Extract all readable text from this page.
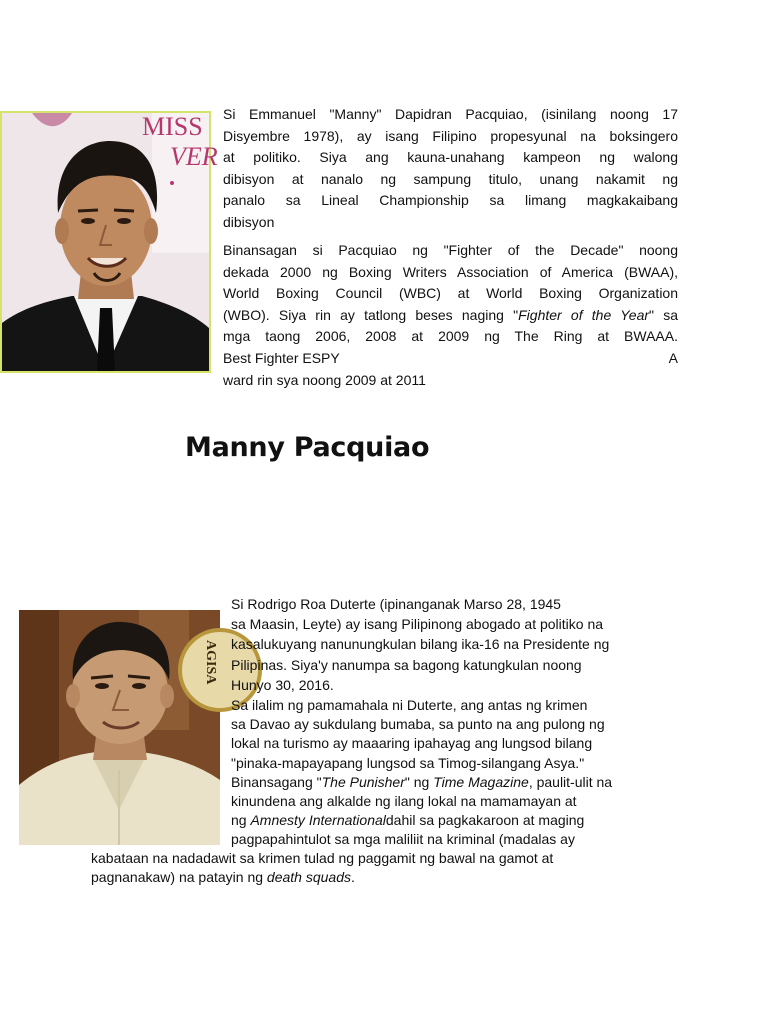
MISS
VER

Si Emmanuel "Manny" Dapidran Pacquiao, (isinilang noong 17
Disyembre 1978), ay isang Filipino propesyunal na boksingero
at politiko. Siya ang kauna-unahang kampeon ng walong
dibisyon at nanalo ng sampung titulo, unang nakamit ng
panalo sa Lineal Championship sa limang magkakaibang
dibisyon

Binansagan si Pacquiao ng "Fighter of the Decade" noong
dekada 2000 ng Boxing Writers Association of America (BWAA),
World Boxing Council (WBC) at World Boxing Organization
(WBO). Siya rin ay tatlong beses naging "Fighter of the Year" sa
mga taong 2006, 2008 at 2009 ng The Ring at BWAAA.
Best Fighter ESPY	A
ward rin sya noong 2009 at 2011

Manny Pacquiao
AGISA

Si Rodrigo Roa Duterte (ipinanganak Marso 28, 1945
sa Maasin, Leyte) ay isang Pilipinong abogado at politiko na
kasalukuyang nanunungkulan bilang ika-16 na Presidente ng
Pilipinas. Siya'y nanumpa sa bagong katungkulan noong
Hunyo 30, 2016.

Sa ilalim ng pamamahala ni Duterte, ang antas ng krimen
sa Davao ay sukdulang bumaba, sa punto na ang pulong ng
lokal na turismo ay maaaring ipahayag ang lungsod bilang
"pinaka-mapayapang lungsod sa Timog-silangang Asya."
Binansagang "The Punisher" ng Time Magazine, paulit-ulit na
kinundena ang alkalde ng ilang lokal na mamamayan at
ng Amnesty Internationaldahil sa pagkakaroon at maging
pagpapahintulot sa mga maliliit na kriminal (madalas ay

kabataan na nadadawit sa krimen tulad ng paggamit ng bawal na gamot at
pagnanakaw) na patayin ng death squads.
